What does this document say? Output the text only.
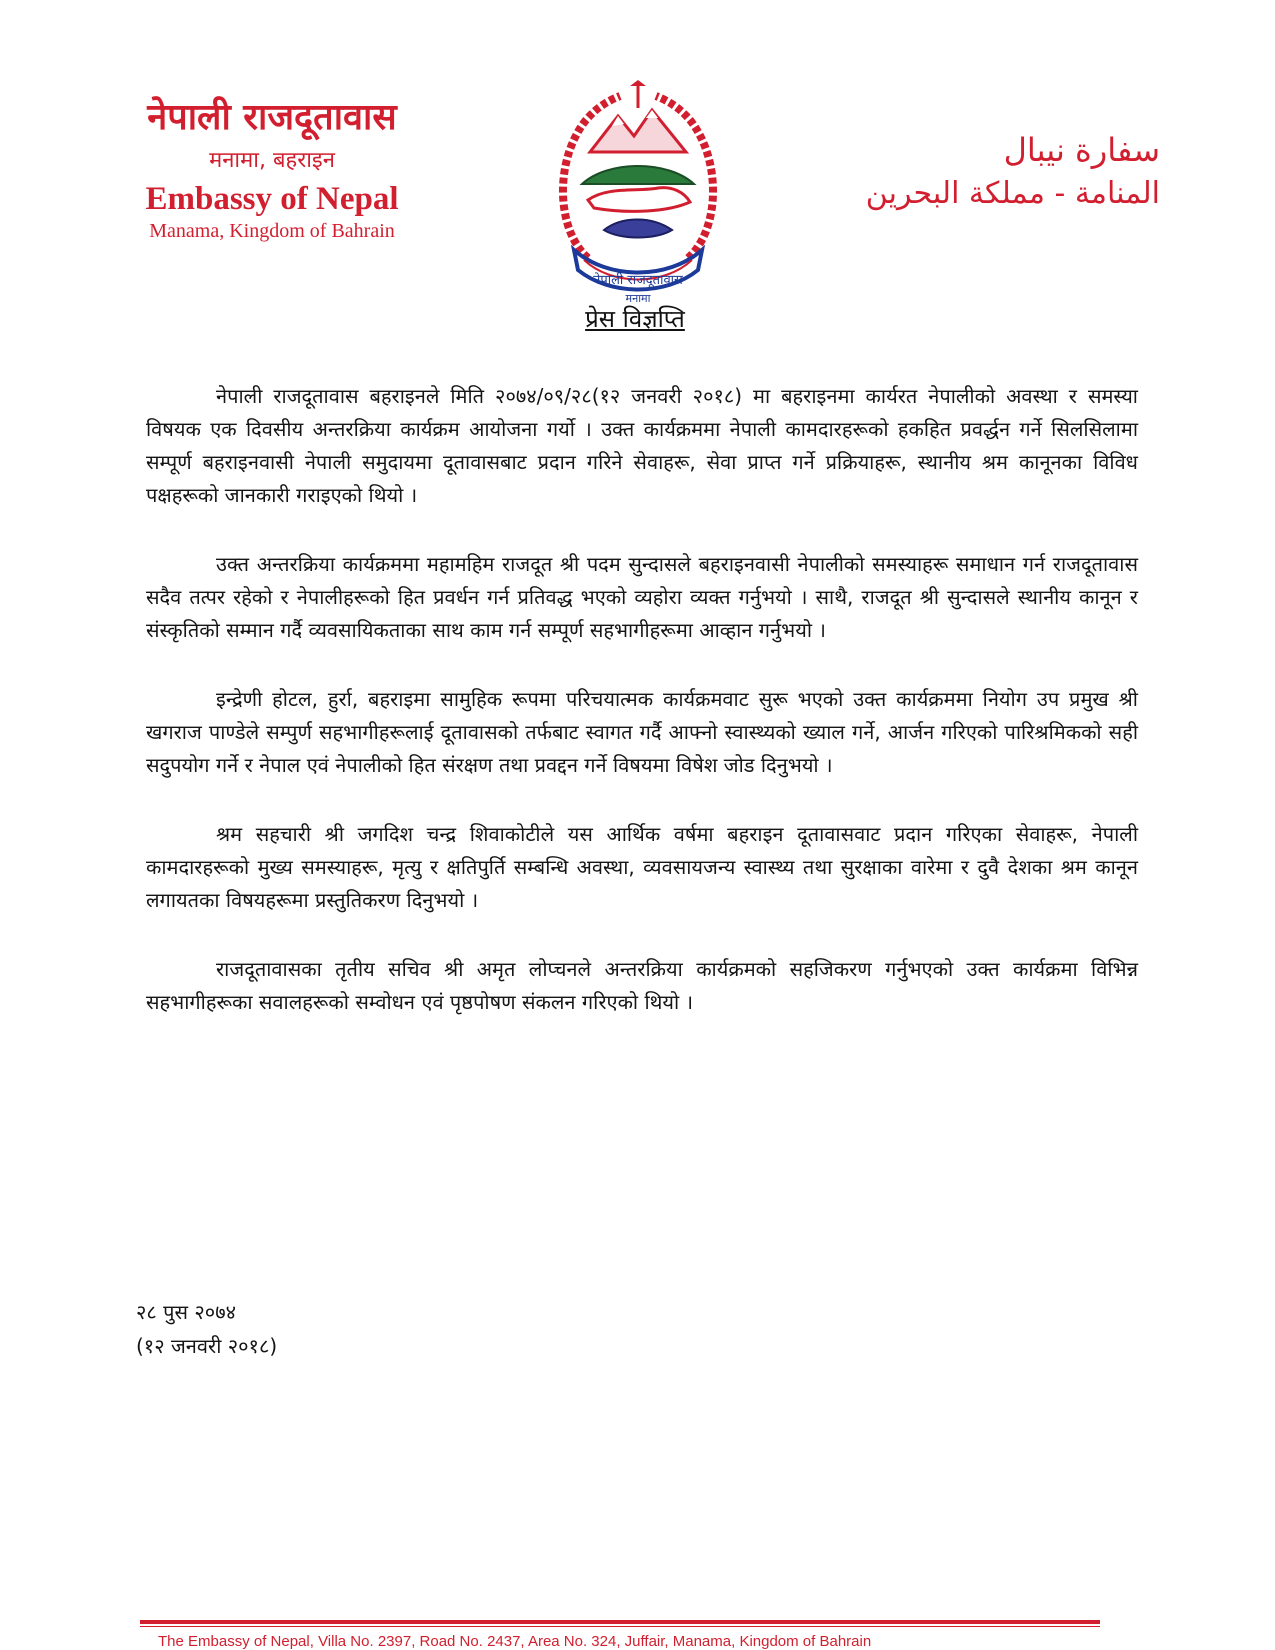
नेपाली राजदूतावास
मनामा, बहराइन
Embassy of Nepal
Manama, Kingdom of Bahrain
नेपाली राजदूतावास
मनामा
سفارة نيبال
المنامة - مملكة البحرين
प्रेस विज्ञप्ति

नेपाली राजदूतावास बहराइनले मिति २०७४/०९/२८(१२ जनवरी २०१८) मा बहराइनमा कार्यरत नेपालीको अवस्था र समस्या विषयक एक दिवसीय अन्तरक्रिया कार्यक्रम आयोजना गर्यो । उक्त कार्यक्रममा नेपाली कामदारहरूको हकहित प्रवर्द्धन गर्ने सिलसिलामा सम्पूर्ण बहराइनवासी नेपाली समुदायमा दूतावासबाट प्रदान गरिने सेवाहरू, सेवा प्राप्त गर्ने प्रक्रियाहरू, स्थानीय श्रम कानूनका विविध पक्षहरूको जानकारी गराइएको थियो ।

उक्त अन्तरक्रिया कार्यक्रममा महामहिम राजदूत श्री पदम सुन्दासले बहराइनवासी नेपालीको समस्याहरू समाधान गर्न राजदूतावास सदैव तत्पर रहेको र नेपालीहरूको हित प्रवर्धन गर्न प्रतिवद्ध भएको व्यहोरा व्यक्त गर्नुभयो । साथै, राजदूत श्री सुन्दासले स्थानीय कानून र संस्कृतिको सम्मान गर्दै व्यवसायिकताका साथ काम गर्न सम्पूर्ण सहभागीहरूमा आव्हान गर्नुभयो ।

इन्द्रेणी होटल, हुर्रा, बहराइमा सामुहिक रूपमा परिचयात्मक कार्यक्रमवाट सुरू भएको उक्त कार्यक्रममा नियोग उप प्रमुख श्री खगराज पाण्डेले सम्पुर्ण सहभागीहरूलाई दूतावासको तर्फबाट स्वागत गर्दै आफ्नो स्वास्थ्यको ख्याल गर्ने, आर्जन गरिएको पारिश्रमिकको सही सदुपयोग गर्ने र नेपाल एवं नेपालीको हित संरक्षण तथा प्रवद्दन गर्ने विषयमा विषेश जोड दिनुभयो ।

श्रम सहचारी श्री जगदिश चन्द्र शिवाकोटीले यस आर्थिक वर्षमा बहराइन दूतावासवाट प्रदान गरिएका सेवाहरू, नेपाली कामदारहरूको मुख्य समस्याहरू, मृत्यु र क्षतिपुर्ति सम्बन्धि अवस्था, व्यवसायजन्य स्वास्थ्य तथा सुरक्षाका वारेमा र दुवै देशका श्रम कानून लगायतका विषयहरूमा प्रस्तुतिकरण दिनुभयो ।

राजदूतावासका तृतीय सचिव श्री अमृत लोप्चनले अन्तरक्रिया कार्यक्रमको सहजिकरण गर्नुभएको उक्त कार्यक्रमा विभिन्न सहभागीहरूका सवालहरूको सम्वोधन एवं पृष्ठपोषण संकलन गरिएको थियो ।

२८ पुस २०७४
(१२ जनवरी २०१८)
The Embassy of Nepal, Villa No. 2397, Road No. 2437, Area No. 324, Juffair, Manama, Kingdom of Bahrain
